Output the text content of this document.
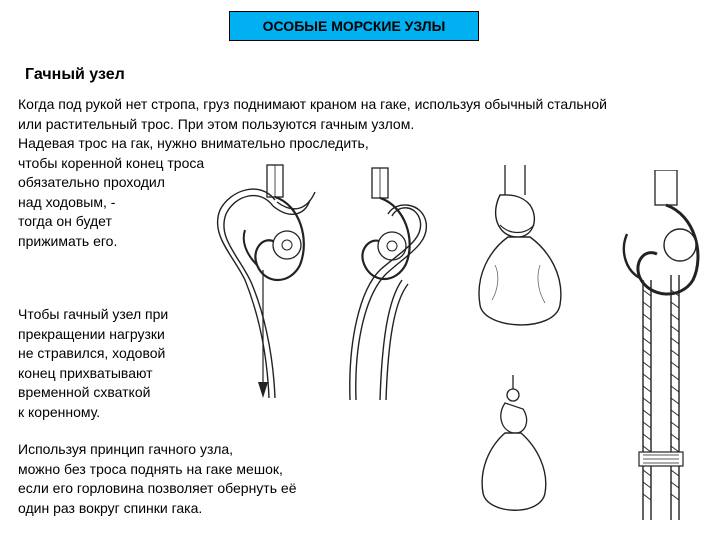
ОСОБЫЕ МОРСКИЕ УЗЛЫ
Гачный узел
Когда под рукой нет стропа, груз поднимают краном на гаке, используя обычный стальной
или растительный трос. При этом пользуются гачным узлом.
Надевая трос на гак, нужно внимательно проследить,
чтобы коренной конец троса
обязательно проходил
над ходовым, -
тогда он будет
прижимать его.
Чтобы гачный узел при
прекращении нагрузки
не стравился, ходовой
конец прихватывают
временной схваткой
к коренному.
Используя принцип гачного узла,
можно без троса поднять на гаке мешок,
если его горловина позволяет обернуть её
один раз вокруг спинки гака.
